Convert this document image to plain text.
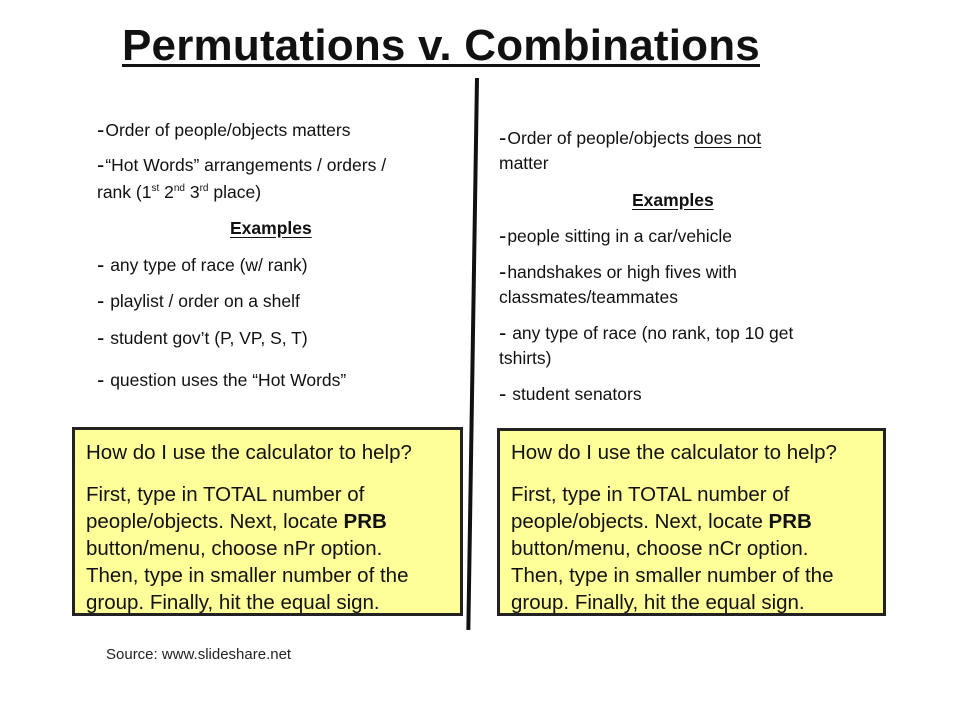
Permutations v. Combinations

-Order of people/objects matters

-“Hot Words” arrangements / orders /

rank (1st 2nd 3rd place)

Examples

- any type of race (w/ rank)

- playlist / order on a shelf

- student gov’t (P, VP, S, T)

- question uses the “Hot Words”

-Order of people/objects does not

matter

Examples

-people sitting in a car/vehicle

-handshakes or high fives with

classmates/teammates

- any type of race (no rank, top 10 get

tshirts)

- student senators

How do I use the calculator to help?

First, type in TOTAL number of

people/objects. Next, locate PRB

button/menu, choose nPr option.

Then, type in smaller number of the

group. Finally, hit the equal sign.

How do I use the calculator to help?

First, type in TOTAL number of

people/objects. Next, locate PRB

button/menu, choose nCr option.

Then, type in smaller number of the

group. Finally, hit the equal sign.

Source: www.slideshare.net
